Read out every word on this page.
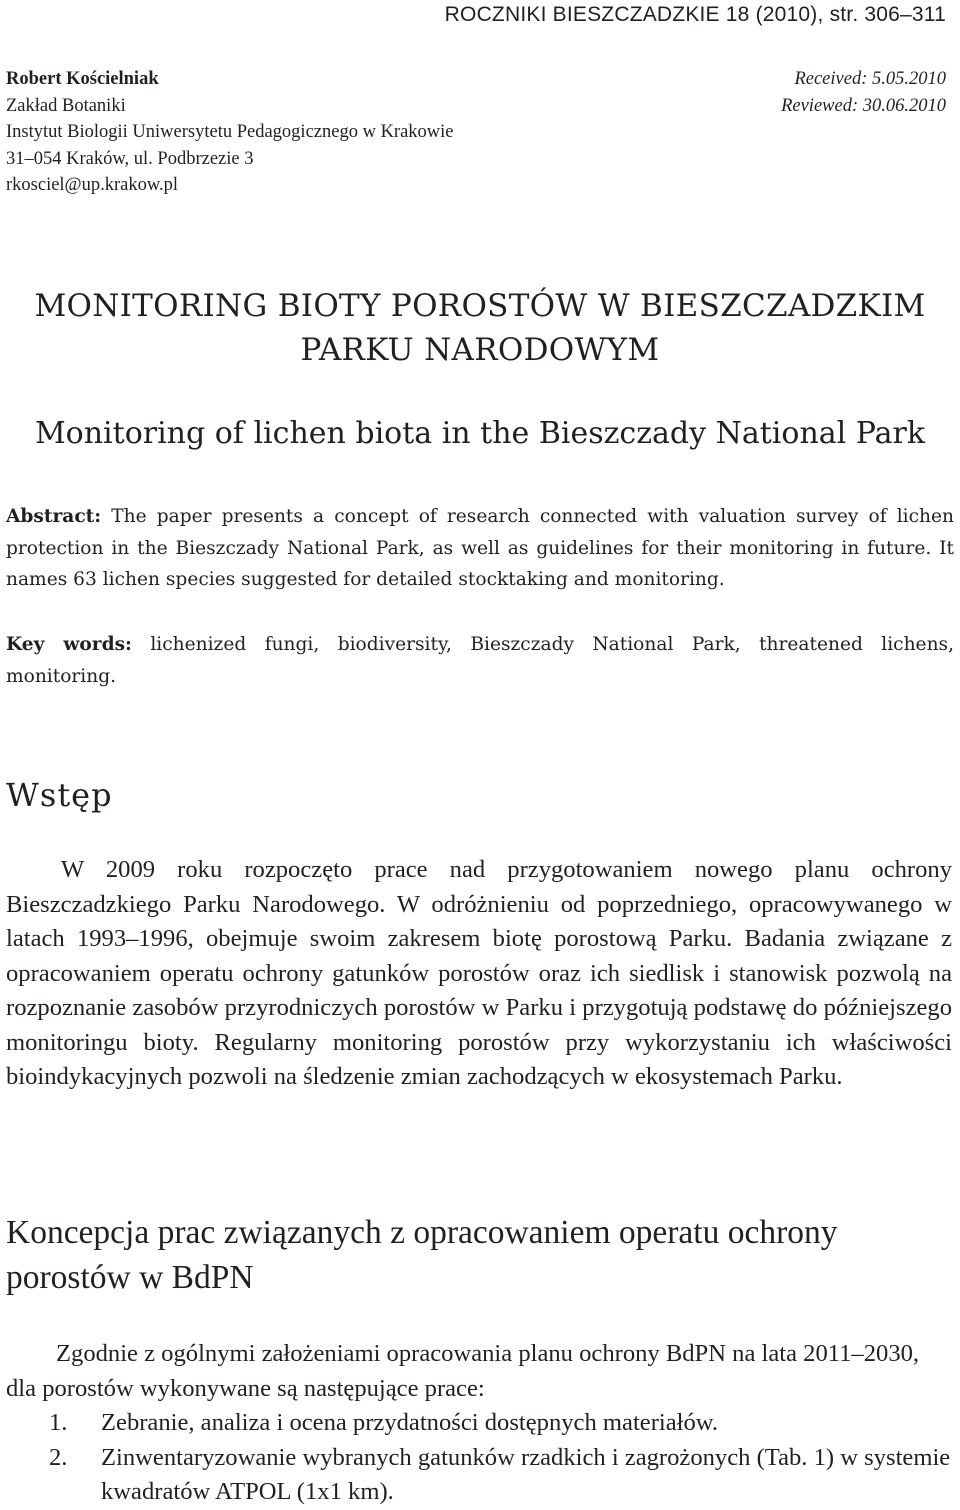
ROCZNIKI BIESZCZADZKIE 18 (2010), str. 306–311
Robert Kościelniak
Zakład Botaniki
Instytut Biologii Uniwersytetu Pedagogicznego w Krakowie
31–054 Kraków, ul. Podbrzezie 3
rkosciel@up.krakow.pl
Received: 5.05.2010
Reviewed: 30.06.2010
MONITORING BIOTY POROSTÓW W BIESZCZADZKIM
PARKU NARODOWYM
Monitoring of lichen biota in the Bieszczady National Park
Abstract: The paper presents a concept of research connected with valuation survey of lichen protection in the Bieszczady National Park, as well as guidelines for their monitoring in future. It names 63 lichen species suggested for detailed stocktaking and monitoring.
Key words: lichenized fungi, biodiversity, Bieszczady National Park, threatened lichens, monitoring.
Wstęp
W 2009 roku rozpoczęto prace nad przygotowaniem nowego planu ochrony Bieszczadzkiego Parku Narodowego. W odróżnieniu od poprzedniego, opracowywanego w latach 1993–1996, obejmuje swoim zakresem biotę porostową Parku. Badania związane z opracowaniem operatu ochrony gatunków porostów oraz ich siedlisk i stanowisk pozwolą na rozpoznanie zasobów przyrodniczych porostów w Parku i przygotują podstawę do późniejszego monitoringu bioty. Regularny monitoring porostów przy wykorzystaniu ich właściwości bioindykacyjnych pozwoli na śledzenie zmian zachodzących w ekosystemach Parku.
Koncepcja prac związanych z opracowaniem operatu ochrony porostów w BdPN
Zgodnie z ogólnymi założeniami opracowania planu ochrony BdPN na lata 2011–2030, dla porostów wykonywane są następujące prace:
1. Zebranie, analiza i ocena przydatności dostępnych materiałów.
2. Zinwentaryzowanie wybranych gatunków rzadkich i zagrożonych (Tab. 1) w systemie kwadratów ATPOL (1x1 km).
